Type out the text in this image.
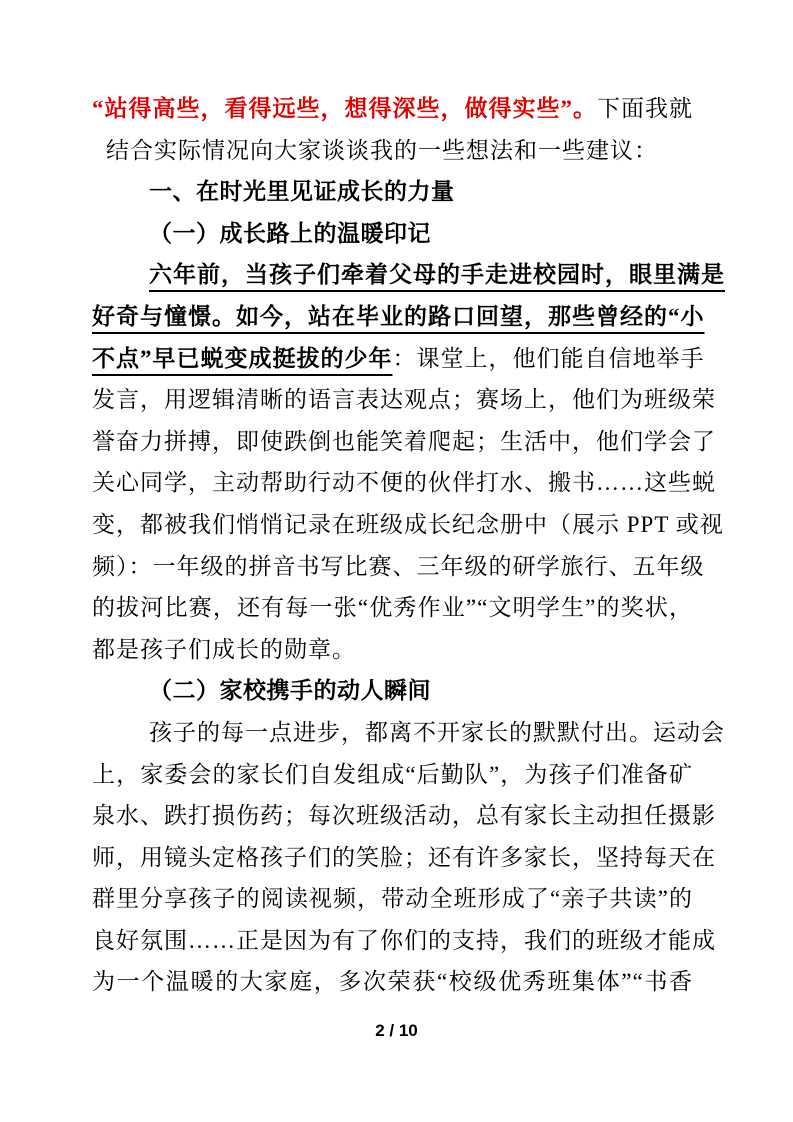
“站得高些，看得远些，想得深些，做得实些”。下面我就
结合实际情况向大家谈谈我的一些想法和一些建议：
一、在时光里见证成长的力量
（一）成长路上的温暖印记
六年前，当孩子们牵着父母的手走进校园时，眼里满是
好奇与憧憬。如今，站在毕业的路口回望，那些曾经的“小
不点”早已蜕变成挺拔的少年：课堂上，他们能自信地举手
发言，用逻辑清晰的语言表达观点；赛场上，他们为班级荣
誉奋力拼搏，即使跌倒也能笑着爬起；生活中，他们学会了
关心同学，主动帮助行动不便的伙伴打水、搬书……这些蜕
变，都被我们悄悄记录在班级成长纪念册中（展示 PPT 或视
频）：一年级的拼音书写比赛、三年级的研学旅行、五年级
的拔河比赛，还有每一张“优秀作业”“文明学生”的奖状，
都是孩子们成长的勋章。
（二）家校携手的动人瞬间
孩子的每一点进步，都离不开家长的默默付出。运动会
上，家委会的家长们自发组成“后勤队”，为孩子们准备矿
泉水、跌打损伤药；每次班级活动，总有家长主动担任摄影
师，用镜头定格孩子们的笑脸；还有许多家长，坚持每天在
群里分享孩子的阅读视频，带动全班形成了“亲子共读”的
良好氛围……正是因为有了你们的支持，我们的班级才能成
为一个温暖的大家庭，多次荣获“校级优秀班集体”“书香
2 / 10
